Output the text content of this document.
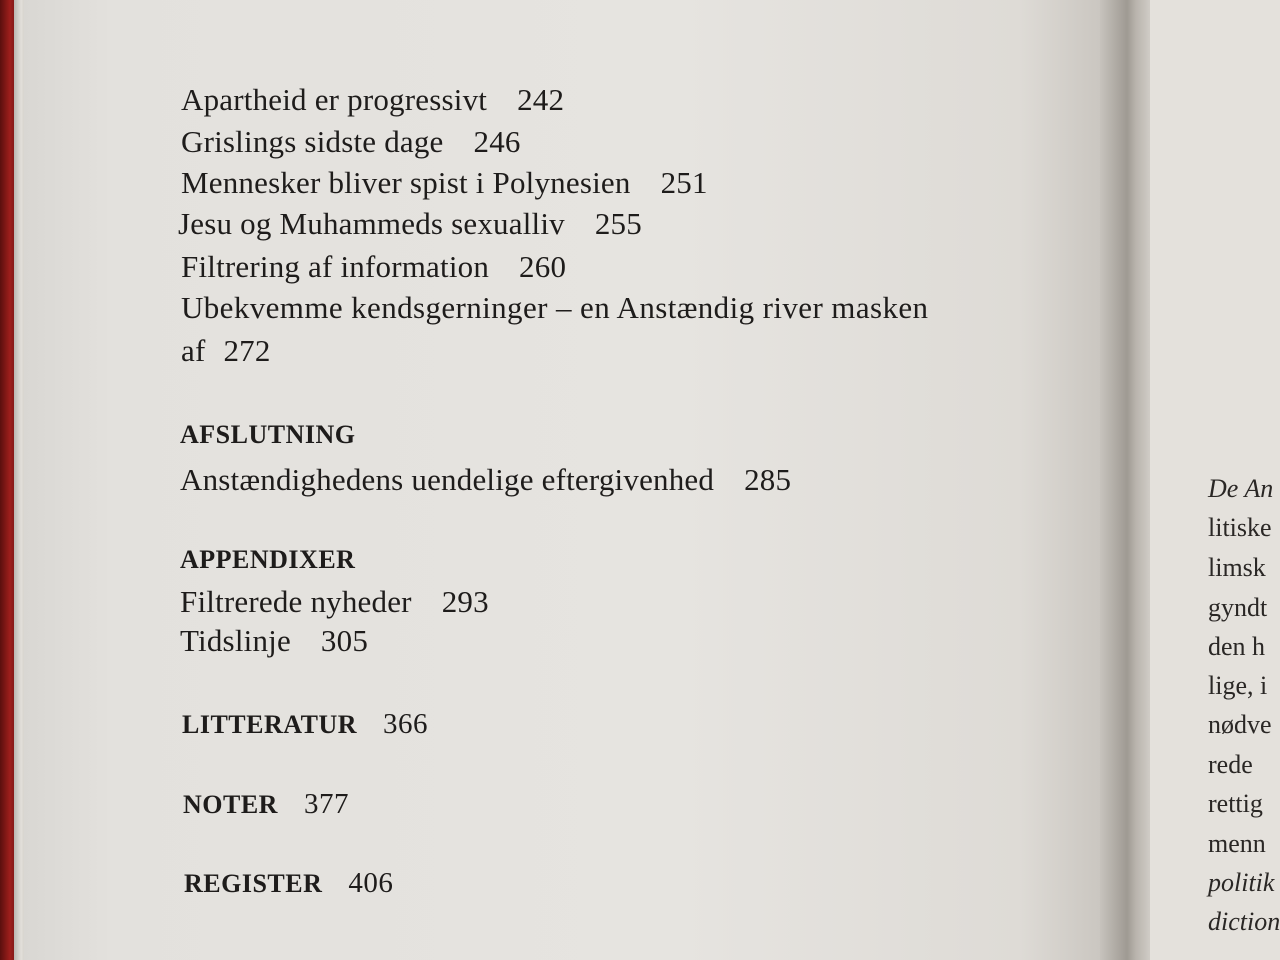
Apartheid er progressivt 242
Grislings sidste dage 246
Mennesker bliver spist i Polynesien 251
Jesu og Muhammeds sexualliv 255
Filtrering af information 260
Ubekvemme kendsgerninger – en Anstændig river masken
af 272
AFSLUTNING
Anstændighedens uendelige eftergivenhed 285
APPENDIXER
Filtrerede nyheder 293
Tidslinje 305
LITTERATUR 366
NOTER 377
REGISTER 406
De An
litiske
limsk
gyndt
den h
lige, i
nødve
rede
rettig
menn
politik
diction
